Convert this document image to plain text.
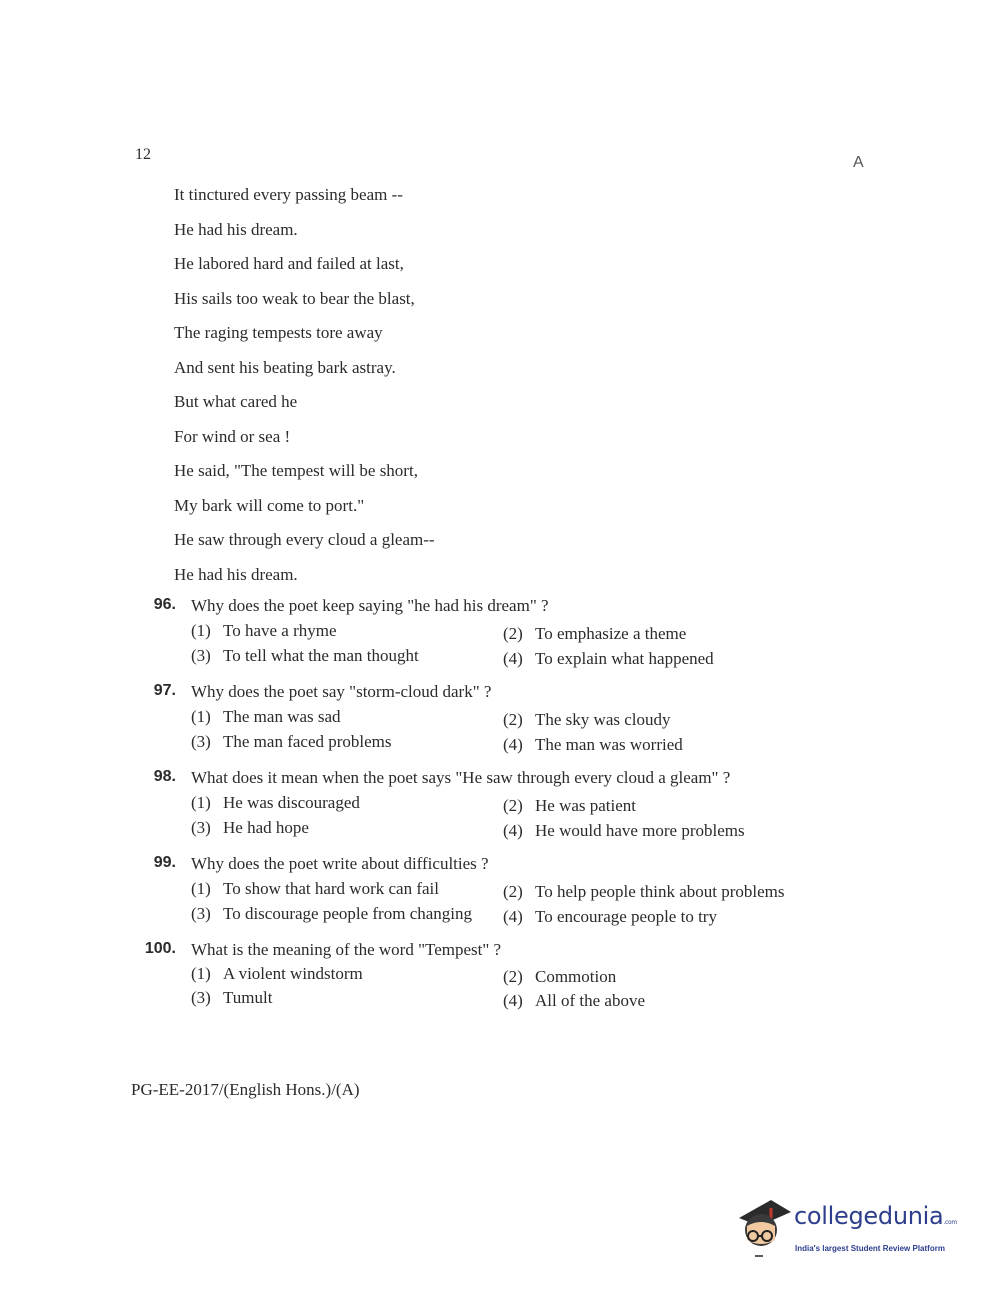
12	A
It tinctured every passing beam --
He had his dream.
He labored hard and failed at last,
His sails too weak to bear the blast,
The raging tempests tore away
And sent his beating bark astray.
But what cared he
For wind or sea !
He said, "The tempest will be short,
My bark will come to port."
He saw through every cloud a gleam--
He had his dream.
96. Why does the poet keep saying "he had his dream" ?
(1) To have a rhyme	(2) To emphasize a theme
(3) To tell what the man thought	(4) To explain what happened
97. Why does the poet say "storm-cloud dark" ?
(1) The man was sad	(2) The sky was cloudy
(3) The man faced problems	(4) The man was worried
98. What does it mean when the poet says "He saw through every cloud a gleam" ?
(1) He was discouraged	(2) He was patient
(3) He had hope	(4) He would have more problems
99. Why does the poet write about difficulties ?
(1) To show that hard work can fail	(2) To help people think about problems
(3) To discourage people from changing (4) To encourage people to try
100. What is the meaning of the word "Tempest" ?
(1) A violent windstorm	(2) Commotion
(3) Tumult	(4) All of the above
PG-EE-2017/(English Hons.)/(A)
collegedunia.com
India's largest Student Review Platform
